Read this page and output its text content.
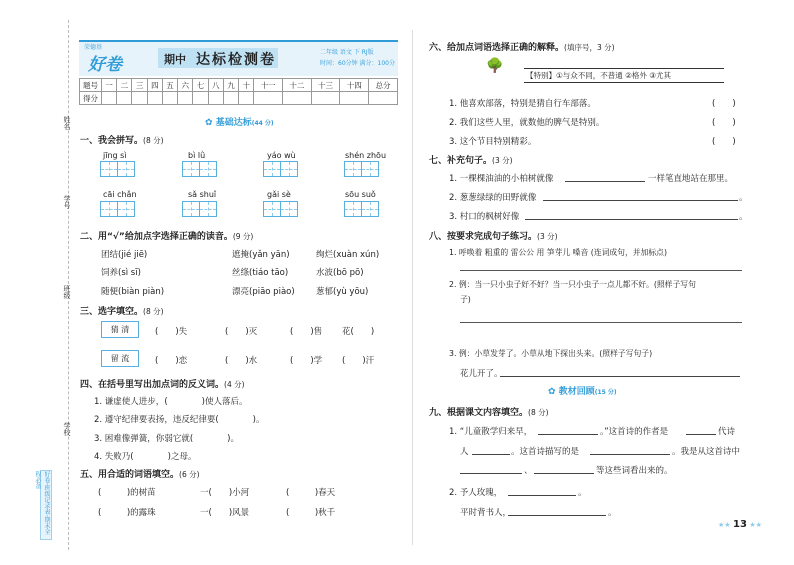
姓名
学号
班级
学校
好卷·班级记录表·期末全程必备
荣德基
好卷	期中 达标检测卷	二年级 语文 下 RJ版
时间：60分钟 满分：100分
题号	一	二	三	四	五	六	七	八	九	十	十一	十二	十三	十四	总分
得分															
✿ 基础达标(44 分)
一、我会拼写。(8 分)
jīng sì	bì lǜ	yáo wù	shén zhōu
cāi chǎn	sǎ shuǐ	gǎi sè	sōu suǒ
二、用“√”给加点字选择正确的读音。(9 分)
团结(jié jiē)	遮掩(yǎn yān)	绚烂(xuàn xún)
饲养(sì sī)	丝绦(tiáo tāo)	水波(bō pō)
随便(biàn piàn)	漂亮(piāo piào)	葱郁(yù yōu)
三、选字填空。(8 分)
猜 清	(　　)失	(　　)灭	(　　)售 花(　　)
留 流	(　　)恋	(　　)水	(　　)学 (　　)汗
四、在括号里写出加点词的反义词。(4 分)
1. 谦虚使人进步，(　　　　)使人落后。
2. 遵守纪律要表扬，违反纪律要(　　　　)。
3. 困难像弹簧，你弱它就(　　　　)。
4. 失败乃(　　　　)之母。
五、用合适的词语填空。(6 分)
(　　　)的树苗	一(　　)小河	(　　　)春天
(　　　)的露珠	一(　　)风景	(　　　)秋千
六、给加点词语选择正确的解释。(填序号，3 分)
🌳
【特别】①与众不同，不普通 ②格外 ③尤其
1. 他喜欢部落，特别是猜自行车部落。	(　　)
2. 我们这些人里，就数他的脾气是特别。	(　　)
3. 这个节目特别精彩。	(　　)
七、补充句子。(3 分)
1. 一棵棵油油的小柏树就像	一样笔直地站在那里。
2. 葱葱绿绿的田野就像	。
3. 村口的枫树好像	。
八、按要求完成句子练习。(3 分)
1. 呼唤着 粗重的 雷公公 用 笋芽儿 嗓音 (连词成句，并加标点)
2. 例：当一只小虫子好不好？当一只小虫子一点儿都不好。(照样子写句
子)
3. 例：小草发芽了。小草从地下探出头来。(照样子写句子)
花儿开了。
✿ 教材回顾(15 分)
九、根据课文内容填空。(8 分)
1. “儿童散学归来早，	。”这首诗的作者是	代诗
人	。这首诗描写的是	。我是从这首诗中
、	等这些词看出来的。
2. 予人玫瑰，	。
平时背书人，	。
★★ 13 ★★
